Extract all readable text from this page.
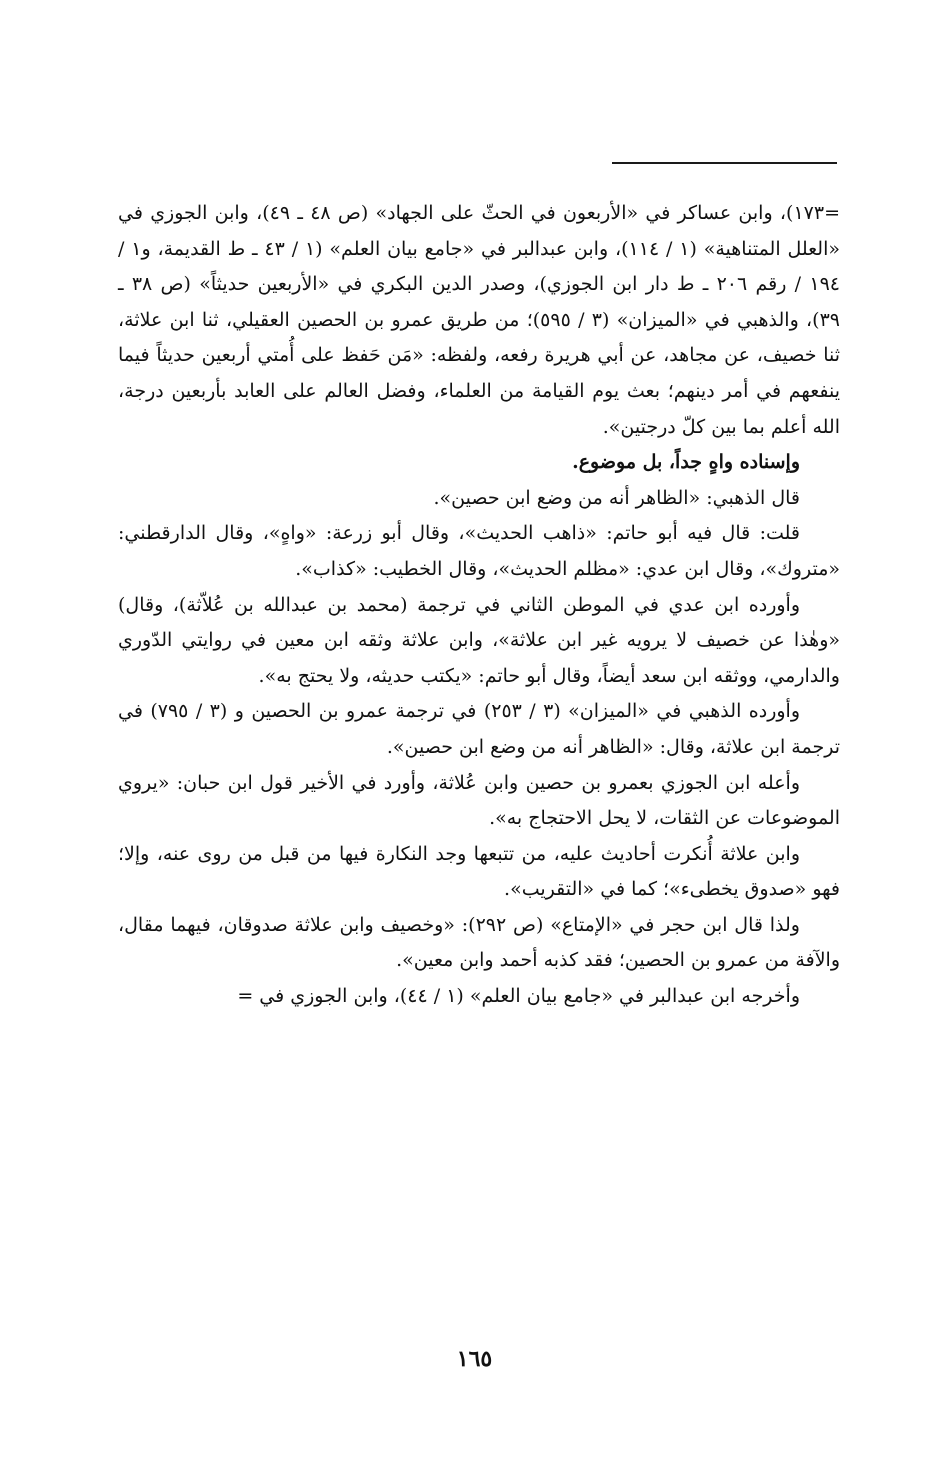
=١٧٣)، وابن عساكر في «الأربعون في الحثّ على الجهاد» (ص ٤٨ ـ ٤٩)، وابن الجوزي في «العلل المتناهية» (١ / ١١٤)، وابن عبدالبر في «جامع بيان العلم» (١ / ٤٣ ـ ط القديمة، و١ / ١٩٤ / رقم ٢٠٦ ـ ط دار ابن الجوزي)، وصدر الدين البكري في «الأربعين حديثاً» (ص ٣٨ ـ ٣٩)، والذهبي في «الميزان» (٣ / ٥٩٥)؛ من طريق عمرو بن الحصين العقيلي، ثنا ابن علاثة، ثنا خصيف، عن مجاهد، عن أبي هريرة رفعه، ولفظه: «مَن حَفظ على أُمتي أربعين حديثاً فيما ينفعهم في أمر دينهم؛ بعث يوم القيامة من العلماء، وفضل العالم على العابد بأربعين درجة، الله أعلم بما بين كلّ درجتين».

وإسناده واهٍ جداً، بل موضوع.

قال الذهبي: «الظاهر أنه من وضع ابن حصين».

قلت: قال فيه أبو حاتم: «ذاهب الحديث»، وقال أبو زرعة: «واهٍ»، وقال الدارقطني: «متروك»، وقال ابن عدي: «مظلم الحديث»، وقال الخطيب: «كذاب».

وأورده ابن عدي في الموطن الثاني في ترجمة (محمد بن عبدالله بن عُلاّثة)، وقال) «وهٰذا عن خصيف لا يرويه غير ابن علاثة»، وابن علاثة وثقه ابن معين في روايتي الدّوري والدارمي، ووثقه ابن سعد أيضاً، وقال أبو حاتم: «يكتب حديثه، ولا يحتج به».

وأورده الذهبي في «الميزان» (٣ / ٢٥٣) في ترجمة عمرو بن الحصين و (٣ / ٧٩٥) في ترجمة ابن علاثة، وقال: «الظاهر أنه من وضع ابن حصين».

وأعله ابن الجوزي بعمرو بن حصين وابن عُلاثة، وأورد في الأخير قول ابن حبان: «يروي الموضوعات عن الثقات، لا يحل الاحتجاج به».

وابن علاثة أُنكرت أحاديث عليه، من تتبعها وجد النكارة فيها من قبل من روى عنه، وإلا؛ فهو «صدوق يخطىء»؛ كما في «التقريب».

ولذا قال ابن حجر في «الإمتاع» (ص ٢٩٢): «وخصيف وابن علاثة صدوقان، فيهما مقال، والآفة من عمرو بن الحصين؛ فقد كذبه أحمد وابن معين».

وأخرجه ابن عبدالبر في «جامع بيان العلم» (١ / ٤٤)، وابن الجوزي في =

١٦٥
